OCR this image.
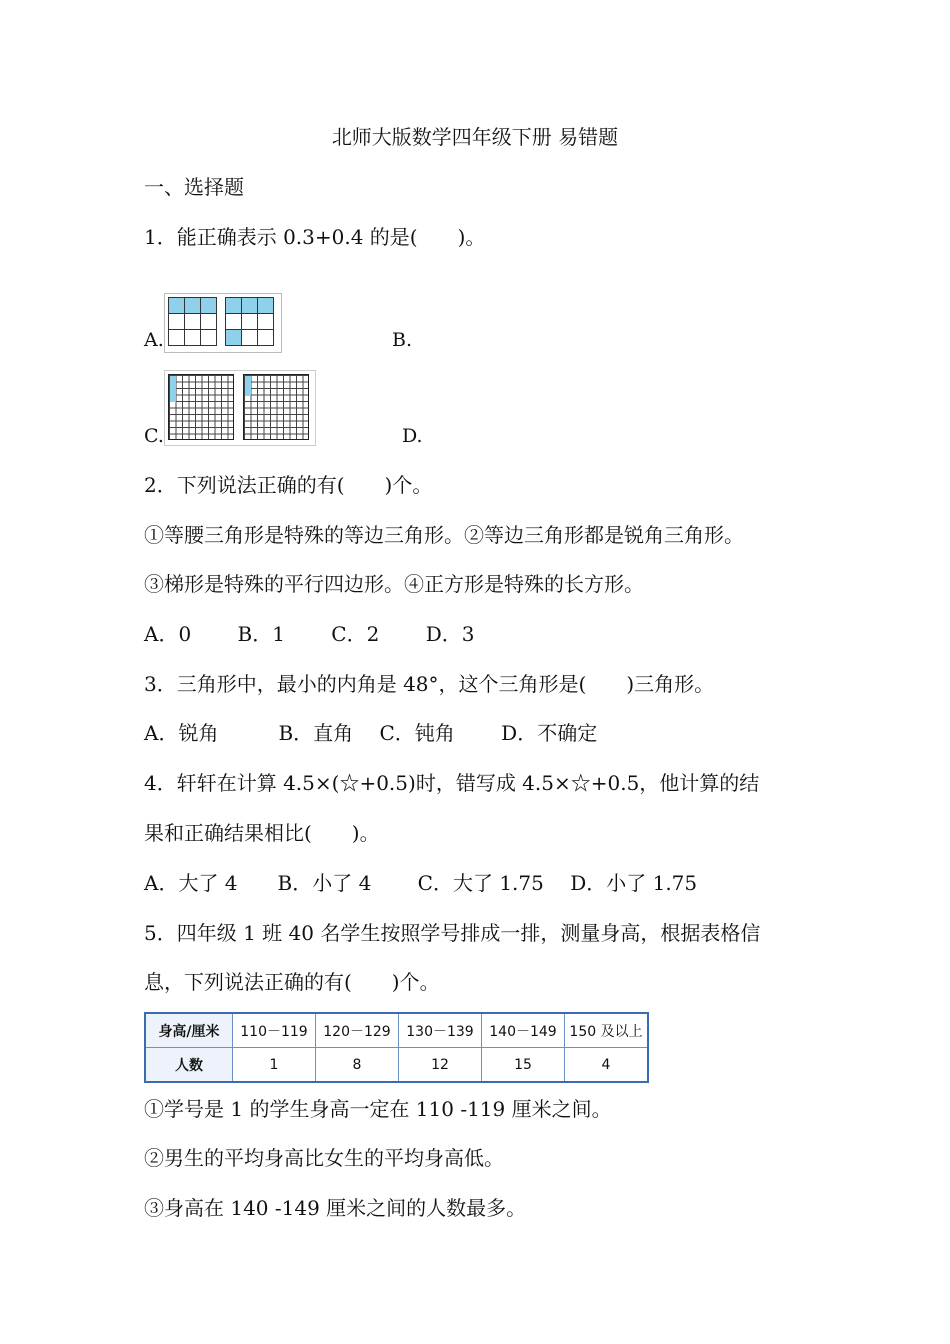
北师大版数学四年级下册 易错题
一、选择题
1．能正确表示 0.3+0.4 的是(　　)。

A.	B.
C.	D.
2．下列说法正确的有(　　)个。
①等腰三角形是特殊的等边三角形。②等边三角形都是锐角三角形。
③梯形是特殊的平行四边形。④正方形是特殊的长方形。
A．0　　 B．1　　 C．2　　 D．3
3．三角形中，最小的内角是 48°，这个三角形是(　　)三角形。
A．锐角　　　B．直角　 C．钝角　　 D．不确定
4．轩轩在计算 4.5×(☆+0.5)时，错写成 4.5×☆+0.5，他计算的结
果和正确结果相比(　　)。
A．大了 4　　B．小了 4　　 C．大了 1.75　 D．小了 1.75
5．四年级 1 班 40 名学生按照学号排成一排，测量身高，根据表格信
息，下列说法正确的有(　　)个。
身高/厘米	110－119	120－129	130－139	140－149	150 及以上
人数	1	8	12	15	4
①学号是 1 的学生身高一定在 110 -119 厘米之间。
②男生的平均身高比女生的平均身高低。
③身高在 140 -149 厘米之间的人数最多。
